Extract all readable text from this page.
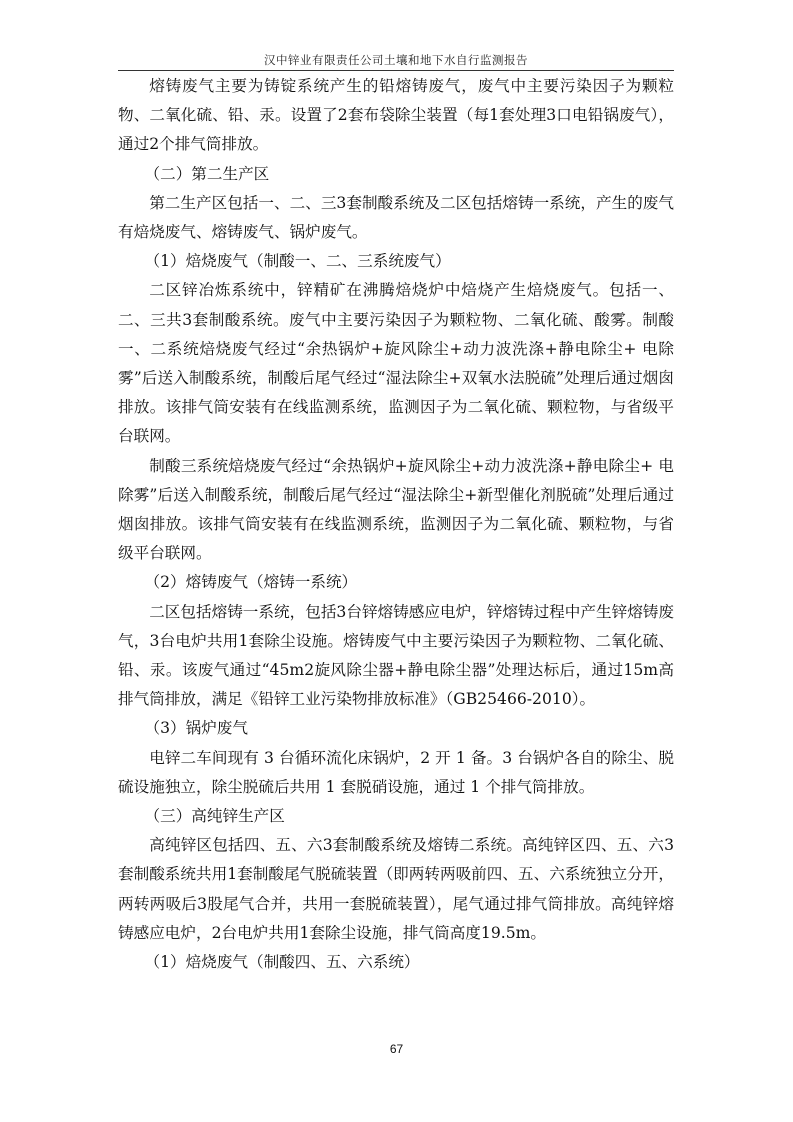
汉中锌业有限责任公司土壤和地下水自行监测报告

熔铸废气主要为铸锭系统产生的铅熔铸废气，废气中主要污染因子为颗粒物、二氧化硫、铅、汞。设置了2套布袋除尘装置（每1套处理3口电铅锅废气），通过2个排气筒排放。

（二）第二生产区

第二生产区包括一、二、三3套制酸系统及二区包括熔铸一系统，产生的废气有焙烧废气、熔铸废气、锅炉废气。

（1）焙烧废气（制酸一、二、三系统废气）

二区锌冶炼系统中，锌精矿在沸腾焙烧炉中焙烧产生焙烧废气。包括一、二、三共3套制酸系统。废气中主要污染因子为颗粒物、二氧化硫、酸雾。制酸一、二系统焙烧废气经过“余热锅炉+旋风除尘+动力波洗涤+静电除尘+ 电除雾”后送入制酸系统，制酸后尾气经过“湿法除尘+双氧水法脱硫”处理后通过烟囱排放。该排气筒安装有在线监测系统，监测因子为二氧化硫、颗粒物，与省级平台联网。

制酸三系统焙烧废气经过“余热锅炉+旋风除尘+动力波洗涤+静电除尘+ 电除雾”后送入制酸系统，制酸后尾气经过“湿法除尘+新型催化剂脱硫”处理后通过烟囱排放。该排气筒安装有在线监测系统，监测因子为二氧化硫、颗粒物，与省级平台联网。

（2）熔铸废气（熔铸一系统）

二区包括熔铸一系统，包括3台锌熔铸感应电炉，锌熔铸过程中产生锌熔铸废气，3台电炉共用1套除尘设施。熔铸废气中主要污染因子为颗粒物、二氧化硫、铅、汞。该废气通过“45m2旋风除尘器+静电除尘器”处理达标后，通过15m高排气筒排放，满足《铅锌工业污染物排放标准》（GB25466-2010）。

（3）锅炉废气

电锌二车间现有 3 台循环流化床锅炉，2 开 1 备。3 台锅炉各自的除尘、脱硫设施独立，除尘脱硫后共用 1 套脱硝设施，通过 1 个排气筒排放。

（三）高纯锌生产区

高纯锌区包括四、五、六3套制酸系统及熔铸二系统。高纯锌区四、五、六3套制酸系统共用1套制酸尾气脱硫装置（即两转两吸前四、五、六系统独立分开，两转两吸后3股尾气合并，共用一套脱硫装置），尾气通过排气筒排放。高纯锌熔铸感应电炉，2台电炉共用1套除尘设施，排气筒高度19.5m。

（1）焙烧废气（制酸四、五、六系统）

67
